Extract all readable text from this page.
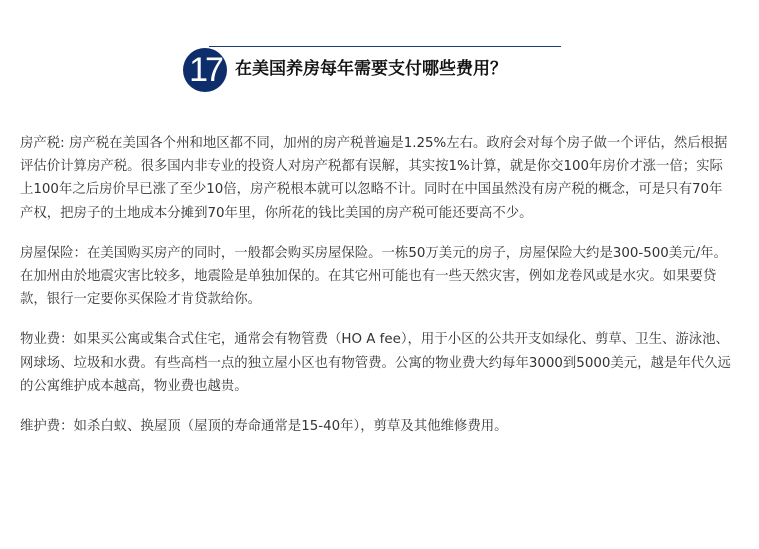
17 在美国养房每年需要支付哪些费用？

房产税: 房产税在美国各个州和地区都不同，加州的房产税普遍是1.25%左右。政府会对每个房子做一个评估，然后根据评估价计算房产税。很多国内非专业的投资人对房产税都有误解，其实按1%计算，就是你交100年房价才涨一倍；实际上100年之后房价早已涨了至少10倍，房产税根本就可以忽略不计。同时在中国虽然没有房产税的概念，可是只有70年产权，把房子的土地成本分摊到70年里，你所花的钱比美国的房产税可能还要高不少。

房屋保险：在美国购买房产的同时，一般都会购买房屋保险。一栋50万美元的房子，房屋保险大约是300-500美元/年。在加州由於地震灾害比较多，地震险是单独加保的。在其它州可能也有一些天然灾害，例如龙卷风或是水灾。如果要贷款，银行一定要你买保险才肯贷款给你。

物业费：如果买公寓或集合式住宅，通常会有物管费（HO A fee），用于小区的公共开支如绿化、剪草、卫生、游泳池、网球场、垃圾和水费。有些高档一点的独立屋小区也有物管费。公寓的物业费大约每年3000到5000美元，越是年代久远的公寓维护成本越高，物业费也越贵。

维护费：如杀白蚁、换屋顶（屋顶的寿命通常是15-40年），剪草及其他维修费用。
